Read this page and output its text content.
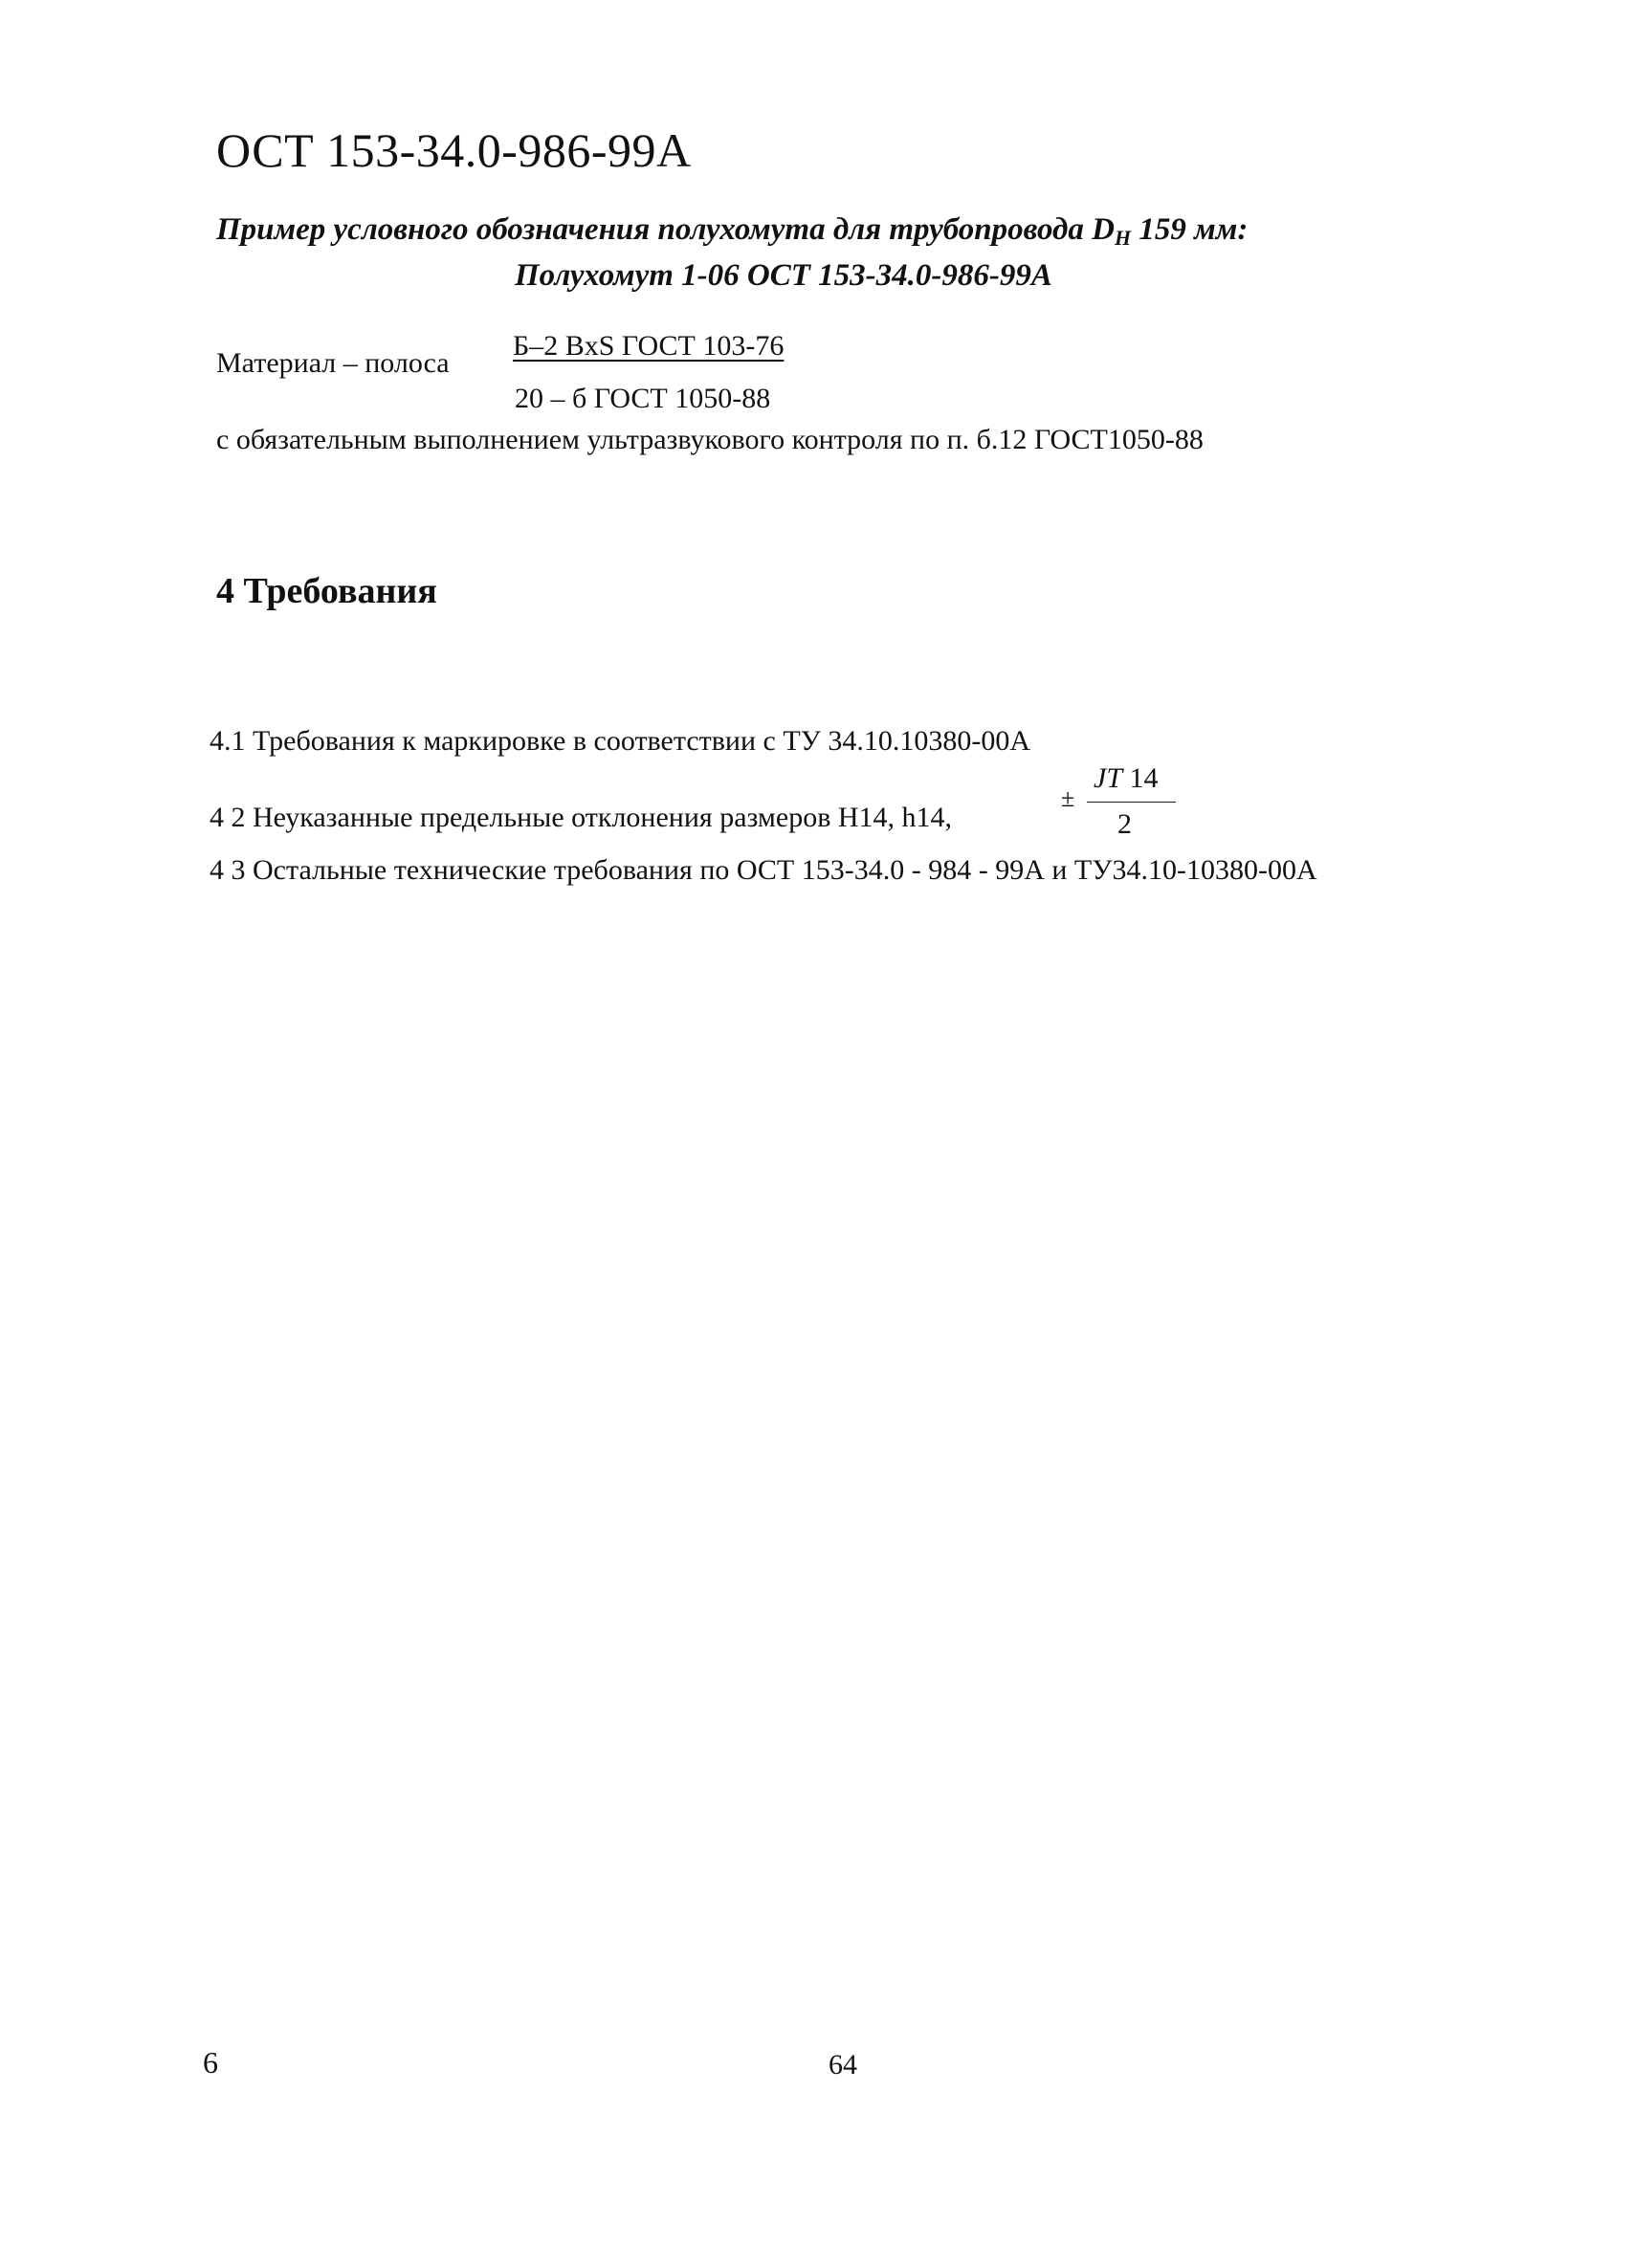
ОСТ 153-34.0-986-99А
Пример условного обозначения полухомута для трубопровода $D_Н$ 159 мм:
Полухомут 1-06 ОСТ 153-34.0-986-99А
Материал – полоса
Б–2 BxS ГОСТ 103-76
20 – б ГОСТ 1050-88
с обязательным выполнением ультразвукового контроля по п. б.12 ГОСТ1050-88
4 Требования
4.1 Требования к маркировке в соответствии с ТУ 34.10.10380-00А
4 2 Неуказанные предельные отклонения размеров Н14, h14,
±
JT 14
2
4 3 Остальные технические требования по ОСТ 153-34.0 - 984 - 99А и ТУ34.10-10380-00А
6	64
